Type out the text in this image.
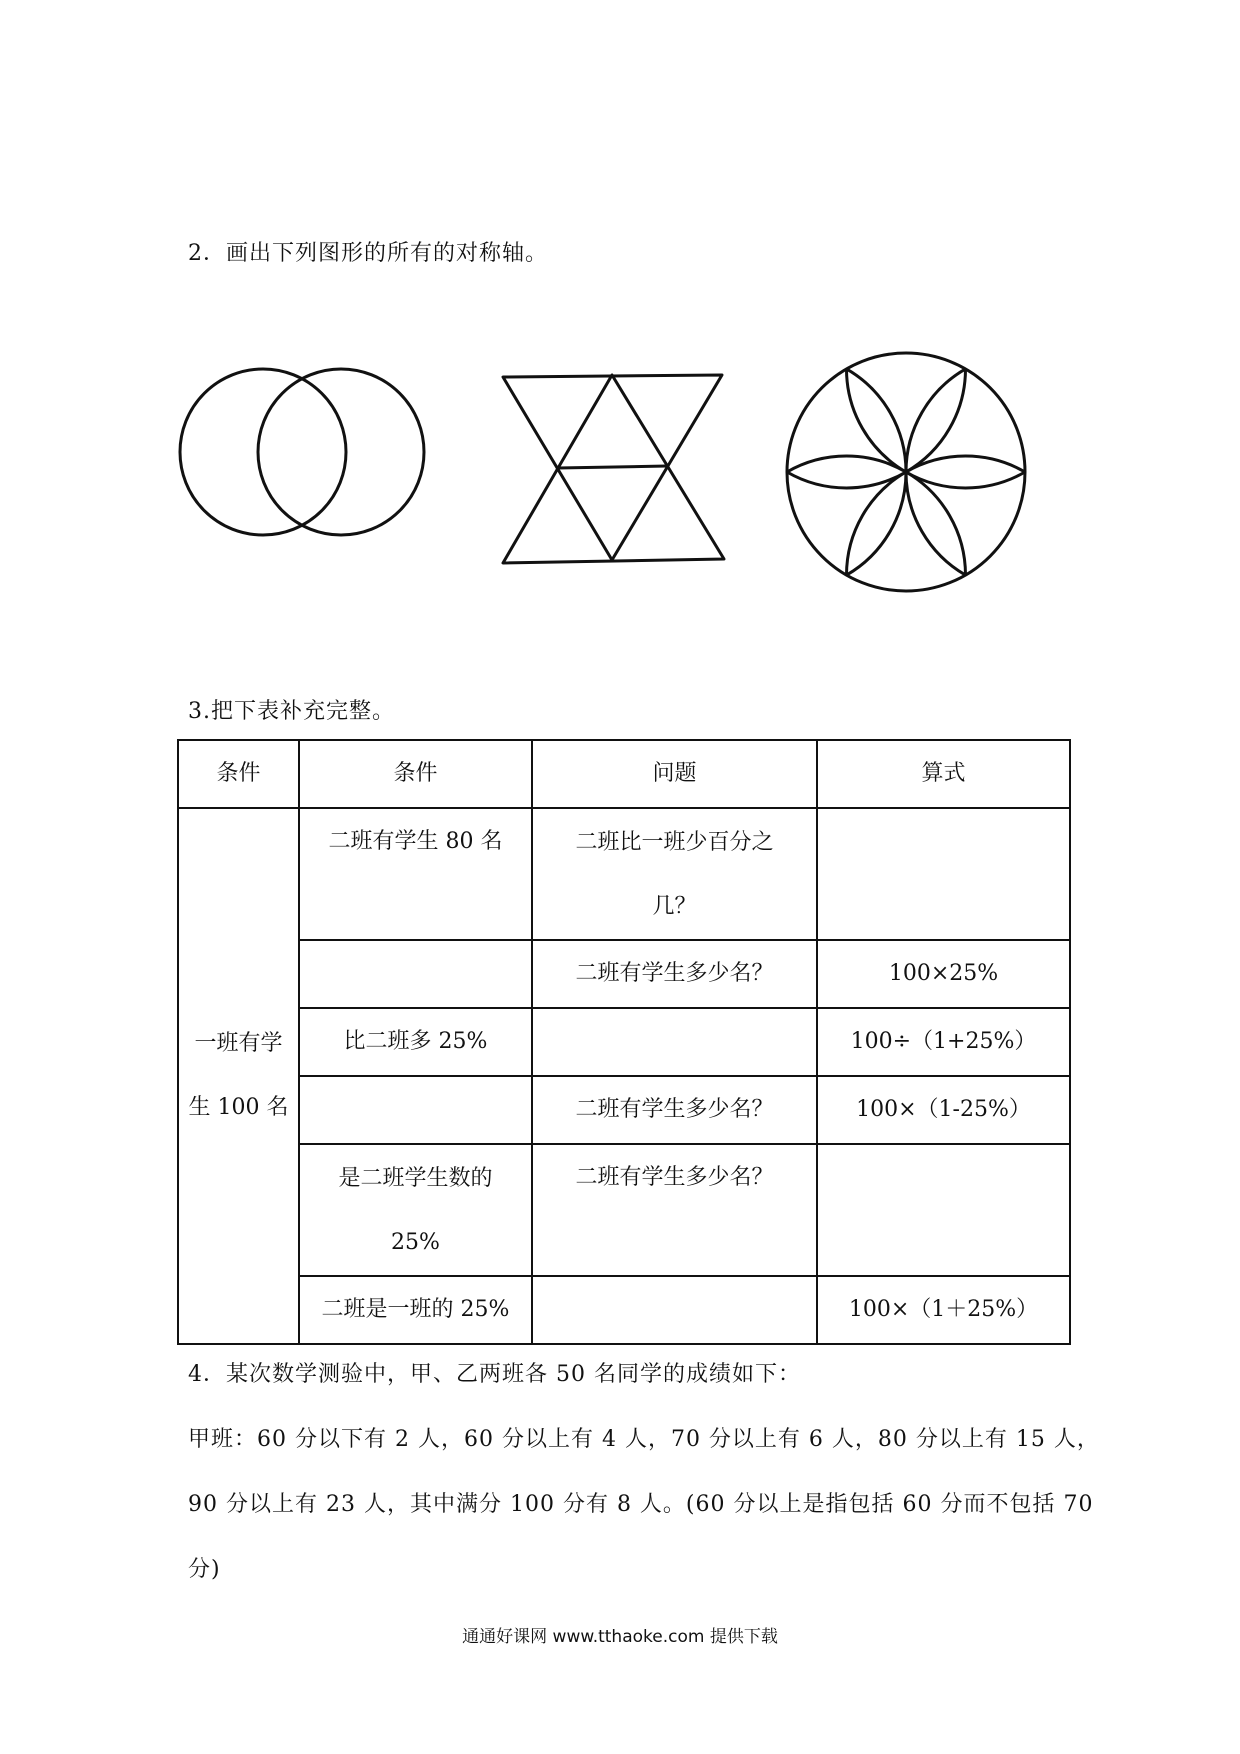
2．画出下列图形的所有的对称轴。
3.把下表补充完整。
条件	条件	问题	算式
一班有学
生 100 名	二班有学生 80 名	二班比一班少百分之
几？	
		二班有学生多少名？	100×25%
	比二班多 25%		100÷（1+25%）
		二班有学生多少名？	100×（1-25%）
	是二班学生数的
25%	二班有学生多少名？	
	二班是一班的 25%		100×（1＋25%）
4．某次数学测验中，甲、乙两班各 50 名同学的成绩如下：
甲班：60 分以下有 2 人，60 分以上有 4 人，70 分以上有 6 人，80 分以上有 15 人，
90 分以上有 23 人，其中满分 100 分有 8 人。(60 分以上是指包括 60 分而不包括 70
分)
通通好课网 www.tthaoke.com 提供下载
